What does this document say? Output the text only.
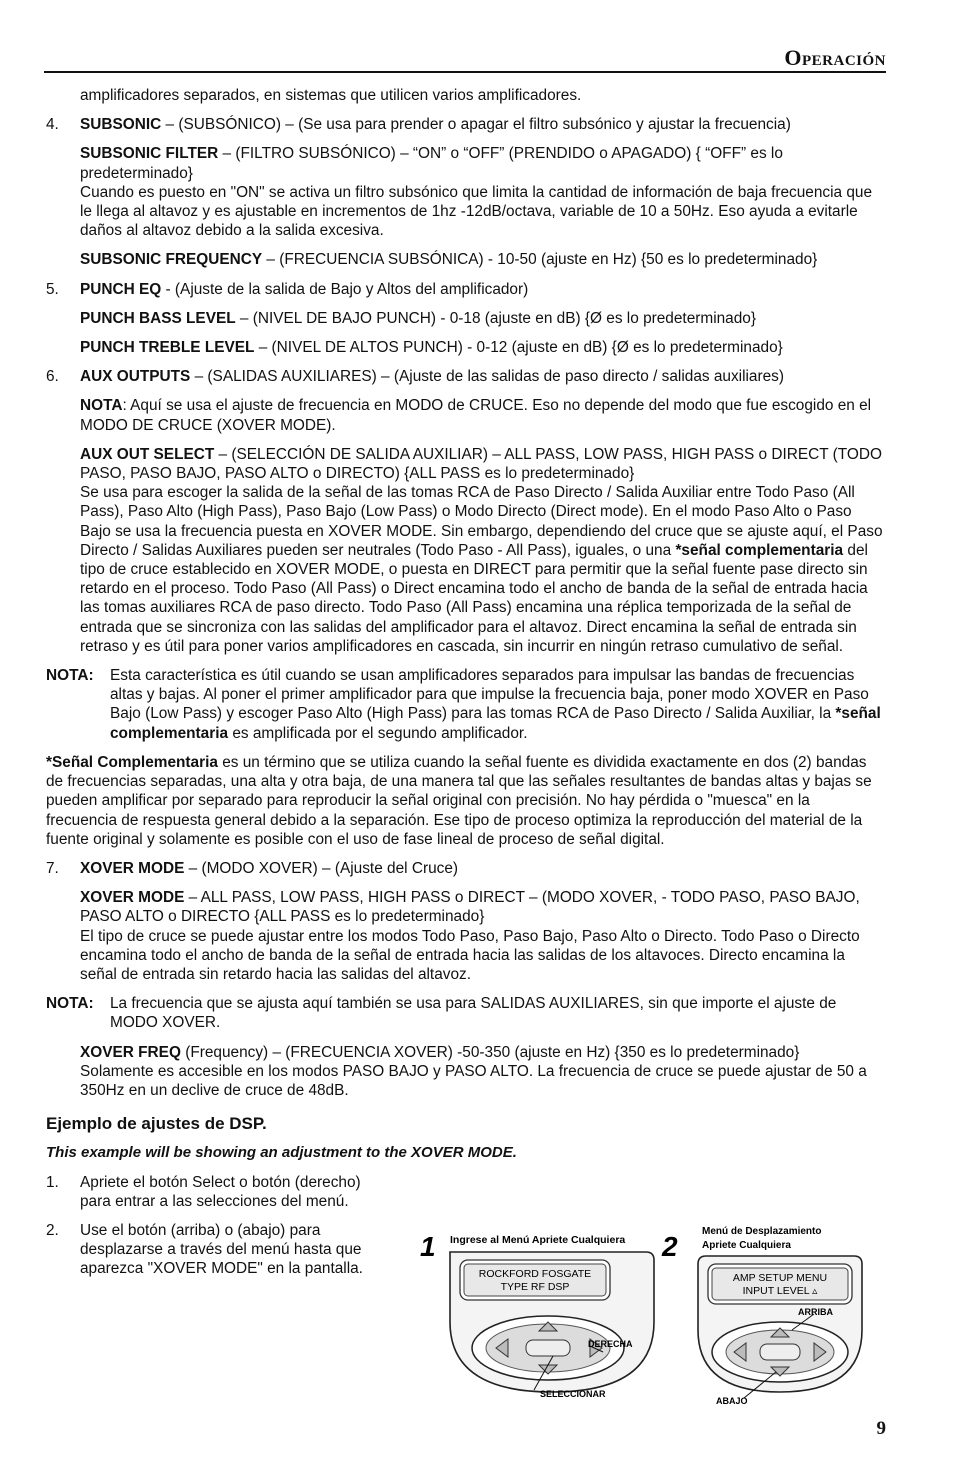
Operación

amplificadores separados, en sistemas que utilicen varios amplificadores.

4. SUBSONIC – (SUBSÓNICO) – (Se usa para prender o apagar el filtro subsónico y ajustar la frecuencia)

SUBSONIC FILTER – (FILTRO SUBSÓNICO) – “ON” o “OFF” (PRENDIDO o APAGADO) { “OFF” es lo predeterminado}
Cuando es puesto en "ON" se activa un filtro subsónico que limita la cantidad de información de baja frecuencia que le llega al altavoz y es ajustable en incrementos de 1hz -12dB/octava, variable de 10 a 50Hz. Eso ayuda a evitarle daños al altavoz debido a la salida excesiva.

SUBSONIC FREQUENCY – (FRECUENCIA SUBSÓNICA) - 10-50 (ajuste en Hz) {50 es lo predeterminado}

5. PUNCH EQ - (Ajuste de la salida de Bajo y Altos del amplificador)

PUNCH BASS LEVEL – (NIVEL DE BAJO PUNCH) - 0-18 (ajuste en dB) {Ø es lo predeterminado}

PUNCH TREBLE LEVEL – (NIVEL DE ALTOS PUNCH) - 0-12 (ajuste en dB) {Ø es lo predeterminado}

6. AUX OUTPUTS – (SALIDAS AUXILIARES) – (Ajuste de las salidas de paso directo / salidas auxiliares)

NOTA: Aquí se usa el ajuste de frecuencia en MODO de CRUCE. Eso no depende del modo que fue escogido en el MODO DE CRUCE (XOVER MODE).

AUX OUT SELECT – (SELECCIÓN DE SALIDA AUXILIAR) – ALL PASS, LOW PASS, HIGH PASS o DIRECT (TODO PASO, PASO BAJO, PASO ALTO o DIRECTO) {ALL PASS es lo predeterminado}
Se usa para escoger la salida de la señal de las tomas RCA de Paso Directo / Salida Auxiliar entre Todo Paso (All Pass), Paso Alto (High Pass), Paso Bajo (Low Pass) o Modo Directo (Direct mode). En el modo Paso Alto o Paso Bajo se usa la frecuencia puesta en XOVER MODE. Sin embargo, dependiendo del cruce que se ajuste aquí, el Paso Directo / Salidas Auxiliares pueden ser neutrales (Todo Paso - All Pass), iguales, o una *señal complementaria del tipo de cruce establecido en XOVER MODE, o puesta en DIRECT para permitir que la señal fuente pase directo sin retardo en el proceso. Todo Paso (All Pass) o Direct encamina todo el ancho de banda de la señal de entrada hacia las tomas auxiliares RCA de paso directo. Todo Paso (All Pass) encamina una réplica temporizada de la señal de entrada que se sincroniza con las salidas del amplificador para el altavoz. Direct encamina la señal de entrada sin retraso y es útil para poner varios amplificadores en cascada, sin incurrir en ningún retraso cumulativo de señal.

NOTA: Esta característica es útil cuando se usan amplificadores separados para impulsar las bandas de frecuencias altas y bajas. Al poner el primer amplificador para que impulse la frecuencia baja, poner modo XOVER en Paso Bajo (Low Pass) y escoger Paso Alto (High Pass) para las tomas RCA de Paso Directo / Salida Auxiliar, la *señal complementaria es amplificada por el segundo amplificador.

*Señal Complementaria es un término que se utiliza cuando la señal fuente es dividida exactamente en dos (2) bandas de frecuencias separadas, una alta y otra baja, de una manera tal que las señales resultantes de bandas altas y bajas se pueden amplificar por separado para reproducir la señal original con precisión. No hay pérdida o "muesca" en la frecuencia de respuesta general debido a la separación. Ese tipo de proceso optimiza la reproducción del material de la fuente original y solamente es posible con el uso de fase lineal de proceso de señal digital.

7. XOVER MODE – (MODO XOVER) – (Ajuste del Cruce)

XOVER MODE – ALL PASS, LOW PASS, HIGH PASS o DIRECT – (MODO XOVER, - TODO PASO, PASO BAJO, PASO ALTO o DIRECTO {ALL PASS es lo predeterminado}
El tipo de cruce se puede ajustar entre los modos Todo Paso, Paso Bajo, Paso Alto o Directo. Todo Paso o Directo encamina todo el ancho de banda de la señal de entrada hacia las salidas de los altavoces. Directo encamina la señal de entrada sin retardo hacia las salidas del altavoz.

NOTA: La frecuencia que se ajusta aquí también se usa para SALIDAS AUXILIARES, sin que importe el ajuste de MODO XOVER.

XOVER FREQ (Frequency) – (FRECUENCIA XOVER) -50-350 (ajuste en Hz) {350 es lo predeterminado}
Solamente es accesible en los modos PASO BAJO y PASO ALTO. La frecuencia de cruce se puede ajustar de 50 a 350Hz en un declive de cruce de 48dB.

Ejemplo de ajustes de DSP.

This example will be showing an adjustment to the XOVER MODE.

1. Apriete el botón Select o botón (derecho) para entrar a las selecciones del menú.

2. Use el botón (arriba) o (abajo) para desplazarse a través del menú hasta que aparezca "XOVER MODE" en la pantalla.

1 Ingrese al Menú Apriete Cualquiera
ROCKFORD FOSGATE
TYPE RF DSP
DERECHA
SELECCIONAR
2 Menú de Desplazamiento
Apriete Cualquiera
AMP SETUP MENU
INPUT LEVEL ▵
ARRIBA
ABAJO
9
